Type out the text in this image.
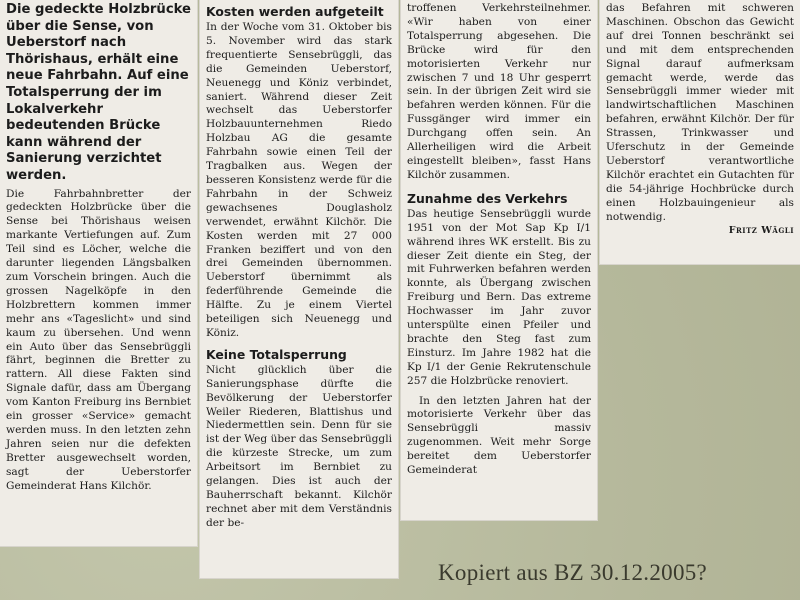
Die gedeckte Holzbrücke über die Sense, von Ueberstorf nach Thörishaus, erhält eine neue Fahrbahn. Auf eine Totalsperrung der im Lokalverkehr bedeutenden Brücke kann während der Sanierung verzichtet werden.

Die Fahrbahnbretter der gedeckten Holzbrücke über die Sense bei Thörishaus weisen markante Vertiefungen auf. Zum Teil sind es Löcher, welche die darunter liegenden Längsbalken zum Vorschein bringen. Auch die grossen Nagelköpfe in den Holzbrettern kommen immer mehr ans «Tageslicht» und sind kaum zu übersehen. Und wenn ein Auto über das Sensebrüggli fährt, beginnen die Bretter zu rattern. All diese Fakten sind Signale dafür, dass am Übergang vom Kanton Freiburg ins Bernbiet ein grosser «Service» gemacht werden muss. In den letzten zehn Jahren seien nur die defekten Bretter ausgewechselt worden, sagt der Ueberstorfer Gemeinderat Hans Kilchör.

Kosten werden aufgeteilt

In der Woche vom 31. Oktober bis 5. November wird das stark frequentierte Sensebrüggli, das die Gemeinden Ueberstorf, Neuenegg und Köniz verbindet, saniert. Während dieser Zeit wechselt das Ueberstorfer Holzbauunternehmen Riedo Holzbau AG die gesamte Fahrbahn sowie einen Teil der Tragbalken aus. Wegen der besseren Konsistenz werde für die Fahrbahn in der Schweiz gewachsenes Douglasholz verwendet, erwähnt Kilchör. Die Kosten werden mit 27 000 Franken beziffert und von den drei Gemeinden übernommen. Ueberstorf übernimmt als federführende Gemeinde die Hälfte. Zu je einem Viertel beteiligen sich Neuenegg und Köniz.

Keine Totalsperrung

Nicht glücklich über die Sanierungsphase dürfte die Bevölkerung der Ueberstorfer Weiler Riederen, Blattishus und Niedermettlen sein. Denn für sie ist der Weg über das Sensebrüggli die kürzeste Strecke, um zum Arbeitsort im Bernbiet zu gelangen. Dies ist auch der Bauherrschaft bekannt. Kilchör rechnet aber mit dem Verständnis der be-

troffenen Verkehrsteilnehmer. «Wir haben von einer Totalsperrung abgesehen. Die Brücke wird für den motorisierten Verkehr nur zwischen 7 und 18 Uhr gesperrt sein. In der übrigen Zeit wird sie befahren werden können. Für die Fussgänger wird immer ein Durchgang offen sein. An Allerheiligen wird die Arbeit eingestellt bleiben», fasst Hans Kilchör zusammen.

Zunahme des Verkehrs

Das heutige Sensebrüggli wurde 1951 von der Mot Sap Kp I/1 während ihres WK erstellt. Bis zu dieser Zeit diente ein Steg, der mit Fuhrwerken befahren werden konnte, als Übergang zwischen Freiburg und Bern. Das extreme Hochwasser im Jahr zuvor unterspülte einen Pfeiler und brachte den Steg fast zum Einsturz. Im Jahre 1982 hat die Kp I/1 der Genie Rekrutenschule 257 die Holzbrücke renoviert.

In den letzten Jahren hat der motorisierte Verkehr über das Sensebrüggli massiv zugenommen. Weit mehr Sorge bereitet dem Ueberstorfer Gemeinderat

das Befahren mit schweren Maschinen. Obschon das Gewicht auf drei Tonnen beschränkt sei und mit dem entsprechenden Signal darauf aufmerksam gemacht werde, werde das Sensebrüggli immer wieder mit landwirtschaftlichen Maschinen befahren, erwähnt Kilchör. Der für Strassen, Trinkwasser und Uferschutz in der Gemeinde Ueberstorf verantwortliche Kilchör erachtet ein Gutachten für die 54-jährige Hochbrücke durch einen Holzbauingenieur als notwendig.

Fritz Wägli
Kopiert aus BZ 30.12.2005?
